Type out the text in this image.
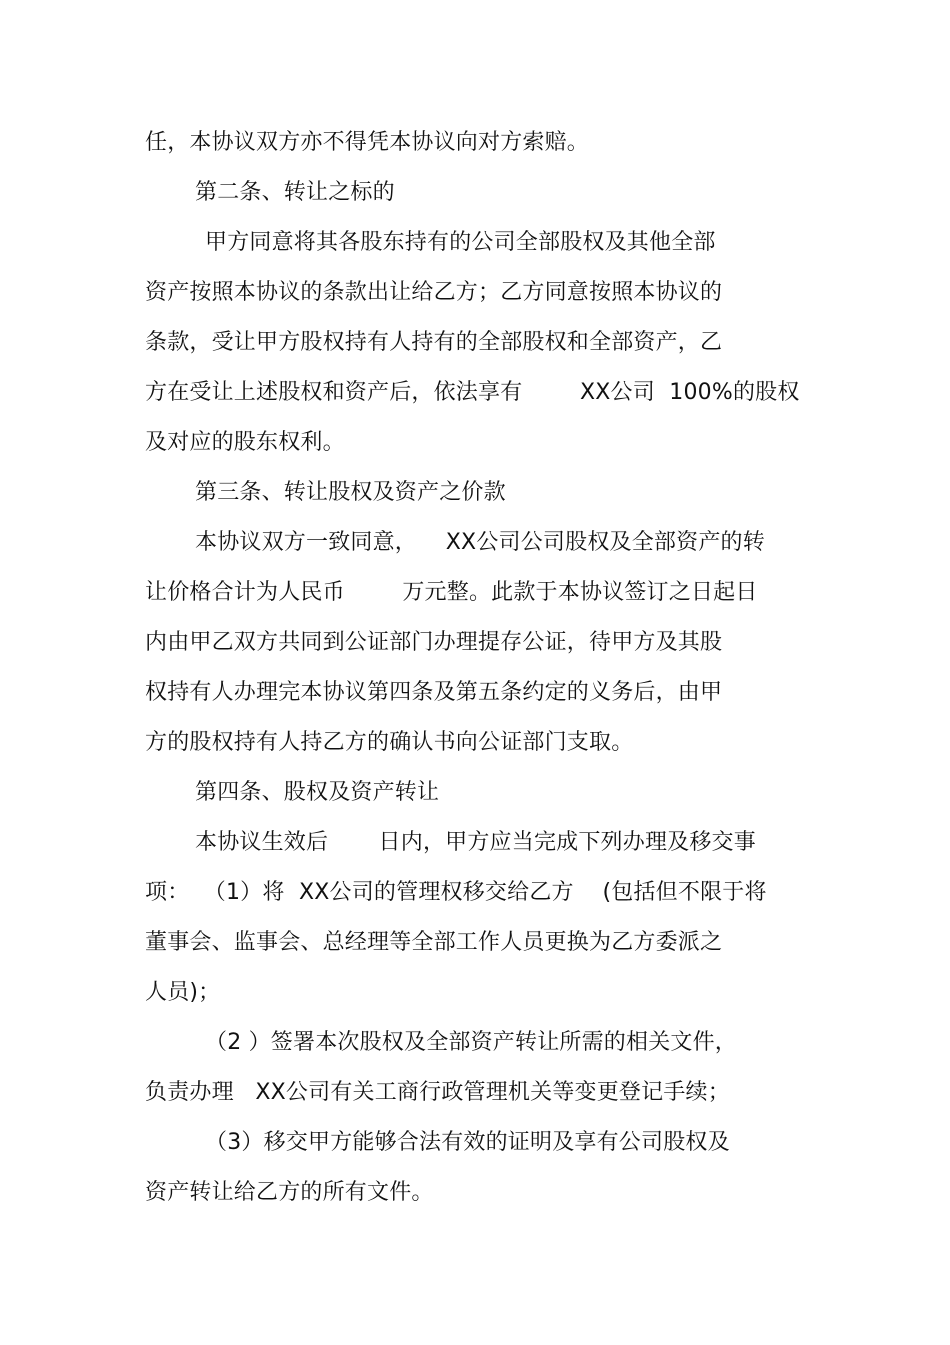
任，本协议双方亦不得凭本协议向对方索赔。
第二条、转让之标的
甲方同意将其各股东持有的公司全部股权及其他全部
资产按照本协议的条款出让给乙方；乙方同意按照本协议的
条款，受让甲方股权持有人持有的全部股权和全部资产，乙
方在受让上述股权和资产后，依法享有        XX公司  100%的股权
及对应的股东权利。
第三条、转让股权及资产之价款
本协议双方一致同意，    XX公司公司股权及全部资产的转
让价格合计为人民币        万元整。此款于本协议签订之日起日
内由甲乙双方共同到公证部门办理提存公证，待甲方及其股
权持有人办理完本协议第四条及第五条约定的义务后，由甲
方的股权持有人持乙方的确认书向公证部门支取。
第四条、股权及资产转让
本协议生效后       日内，甲方应当完成下列办理及移交事
项：  （1）将  XX公司的管理权移交给乙方    (包括但不限于将
董事会、监事会、总经理等全部工作人员更换为乙方委派之
人员)；
（2 ）签署本次股权及全部资产转让所需的相关文件，
负责办理   XX公司有关工商行政管理机关等变更登记手续；
（3）移交甲方能够合法有效的证明及享有公司股权及
资产转让给乙方的所有文件。
